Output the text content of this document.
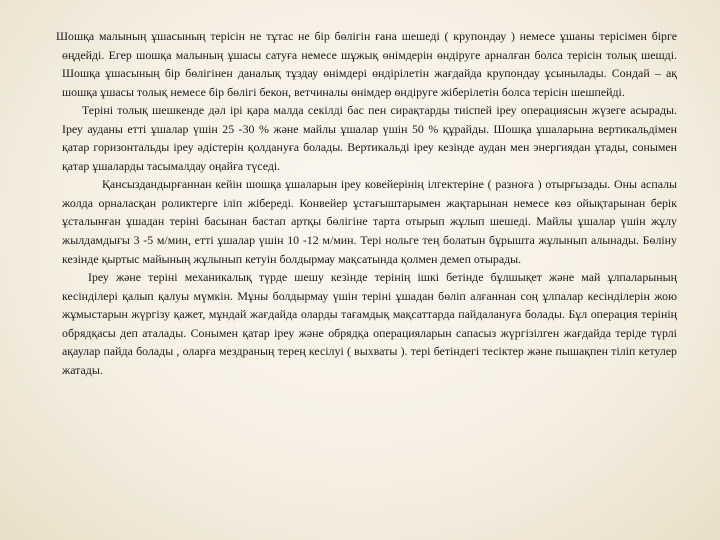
Шошқа малының ұшасының терісін не тұтас не бір бөлігін ғана шешеді ( крупондау ) немесе ұшаны терісімен бірге өңдейді. Егер шошқа малының ұшасы сатуға немесе шұжық өнімдерін өндіруге арналған болса терісін толық шешді. Шошқа ұшасының бір бөлігінен даналық тұздау өнімдері өндірілетін жағдайда крупондау ұсынылады. Сондай – ақ шошқа ұшасы толық немесе бір бөлігі бекон, ветчиналы өнімдер өндіруге жіберілетін болса терісін шешпейді.

Терінi толық шешкенде дәл ірі қара малда секілді бас пен сирақтарды тиіспей іреу операциясын жүзеге асырады. Іреу ауданы етті ұшалар үшін 25 -30 % және майлы ұшалар үшін 50 % құрайды. Шошқа ұшаларына вертикальдімен қатар горизонтальды іреу әдістерін қолдануға болады. Вертикальді іреу кезінде аудан мен энергиядан ұтады, сонымен қатар ұшаларды тасымалдау оңайға түседі.

Қансыздандырғаннан кейін шошқа ұшаларын іреу ковейерінің ілгектеріне ( разноға ) отырғызады. Оны аспалы жолда орналасқан роликтерге іліп жібереді. Конвейер ұстағыштарымен жақтарынан немесе көз ойықтарынан берік ұсталынған ұшадан терінi басынан бастап артқы бөлігіне тарта отырып жұлып шешеді. Майлы ұшалар үшін жұлу жылдамдығы 3 -5 м/мин, етті ұшалар үшін 10 -12 м/мин. Тері нольге тең болатын бұрышта жұлынып алынады. Бөліну кезінде қыртыс майының жұлынып кетуін болдырмау мақсатында қолмен демеп отырады.

Іреу және терінi механикалық түрде шешу кезінде терінің ішкі бетінде бұлшықет және май ұлпаларының кесінділері қалып қалуы мүмкін. Мұны болдырмау үшін терінi ұшадан бөліп алғаннан соң ұлпалар кесінділерін жою жұмыстарын жүргізу қажет, мұндай жағдайда оларды тағамдық мақсаттарда пайдалануға болады. Бұл операция терінің обрядқасы деп аталады. Сонымен қатар іреу және обрядқа операцияларын сапасыз жүргізілген жағдайда терiде түрлі ақаулар пайда болады , оларға мездраның терең кесілуі ( выхваты ). тері бетіндегі тесіктер және пышақпен тіліп кетулер жатады.
